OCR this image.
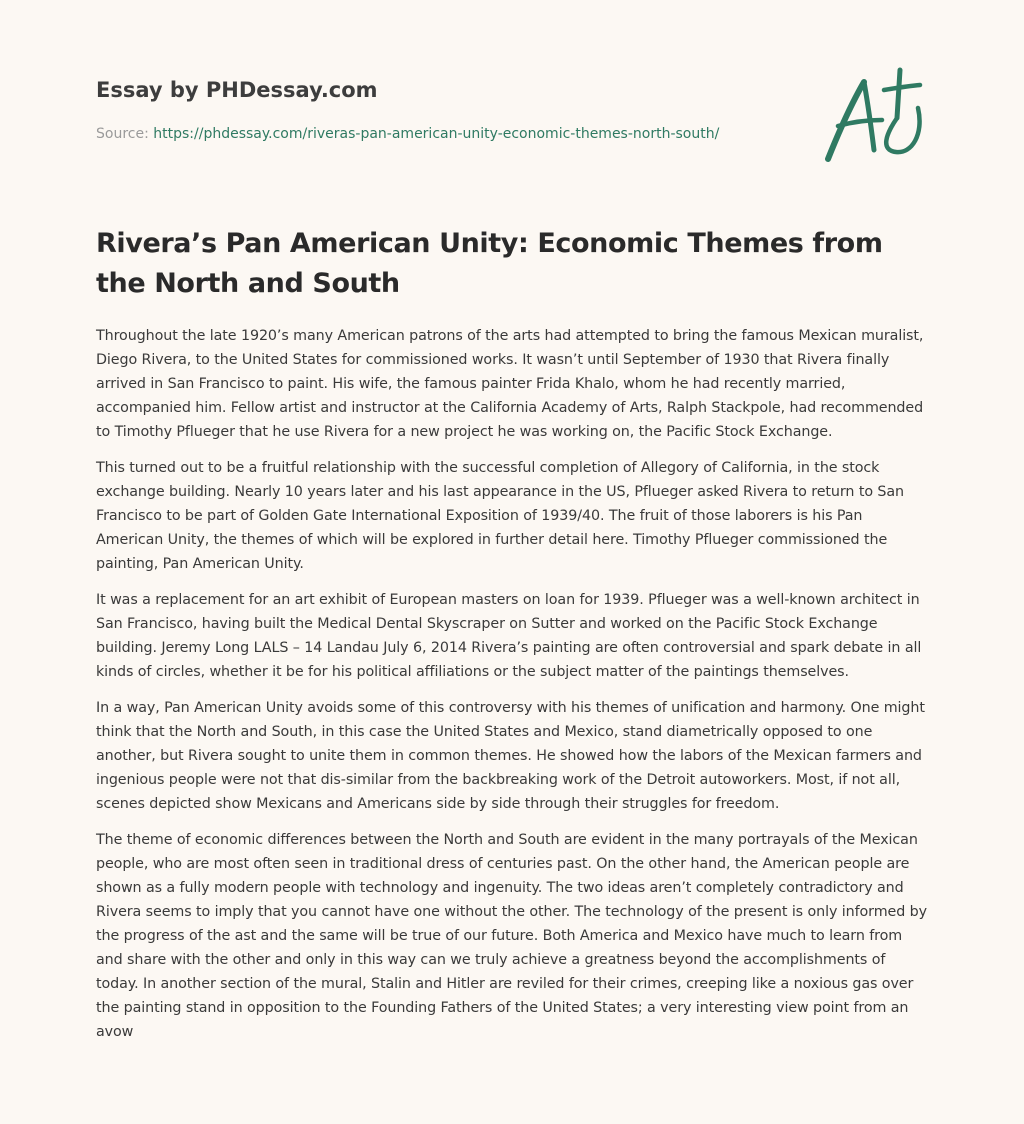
Essay by PHDessay.com
Source: https://phdessay.com/riveras-pan-american-unity-economic-themes-north-south/
Rivera’s Pan American Unity: Economic Themes from the North and South

Throughout the late 1920’s many American patrons of the arts had attempted to bring the famous Mexican muralist, Diego Rivera, to the United States for commissioned works. It wasn’t until September of 1930 that Rivera finally arrived in San Francisco to paint. His wife, the famous painter Frida Khalo, whom he had recently married, accompanied him. Fellow artist and instructor at the California Academy of Arts, Ralph Stackpole, had recommended to Timothy Pflueger that he use Rivera for a new project he was working on, the Pacific Stock Exchange.

This turned out to be a fruitful relationship with the successful completion of Allegory of California, in the stock exchange building. Nearly 10 years later and his last appearance in the US, Pflueger asked Rivera to return to San Francisco to be part of Golden Gate International Exposition of 1939/40. The fruit of those laborers is his Pan American Unity, the themes of which will be explored in further detail here. Timothy Pflueger commissioned the painting, Pan American Unity.

It was a replacement for an art exhibit of European masters on loan for 1939. Pflueger was a well-known architect in San Francisco, having built the Medical Dental Skyscraper on Sutter and worked on the Pacific Stock Exchange building. Jeremy Long LALS – 14 Landau July 6, 2014 Rivera’s painting are often controversial and spark debate in all kinds of circles, whether it be for his political affiliations or the subject matter of the paintings themselves.

In a way, Pan American Unity avoids some of this controversy with his themes of unification and harmony. One might think that the North and South, in this case the United States and Mexico, stand diametrically opposed to one another, but Rivera sought to unite them in common themes. He showed how the labors of the Mexican farmers and ingenious people were not that dis-similar from the backbreaking work of the Detroit autoworkers. Most, if not all, scenes depicted show Mexicans and Americans side by side through their struggles for freedom.

The theme of economic differences between the North and South are evident in the many portrayals of the Mexican people, who are most often seen in traditional dress of centuries past. On the other hand, the American people are shown as a fully modern people with technology and ingenuity. The two ideas aren’t completely contradictory and Rivera seems to imply that you cannot have one without the other. The technology of the present is only informed by the progress of the ast and the same will be true of our future. Both America and Mexico have much to learn from and share with the other and only in this way can we truly achieve a greatness beyond the accomplishments of today. In another section of the mural, Stalin and Hitler are reviled for their crimes, creeping like a noxious gas over the painting stand in opposition to the Founding Fathers of the United States; a very interesting view point from an avow
